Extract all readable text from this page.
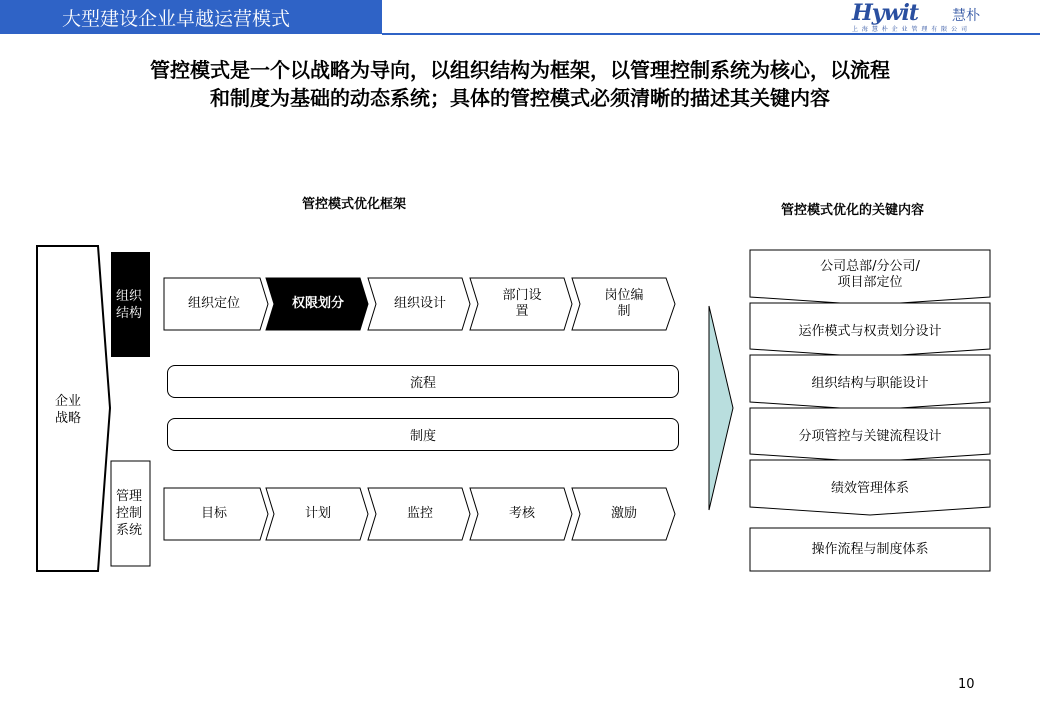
大型建设企业卓越运营模式	Hywit 慧朴
上 海 慧 朴 企 业 管 理 有 限 公 司
管控模式是一个以战略为导向，以组织结构为框架，以管理控制系统为核心，以流程
和制度为基础的动态系统；具体的管控模式必须清晰的描述其关键内容
管控模式优化框架	管控模式优化的关键内容
企业
战略
组织
结构
管理
控制
系统
组织定位	权限划分	组织设计
部门设
置
岗位编
制
流程
制度
目标	计划	监控	考核	激励
公司总部/分公司/
项目部定位
运作模式与权责划分设计
组织结构与职能设计
分项管控与关键流程设计
绩效管理体系
操作流程与制度体系
10
